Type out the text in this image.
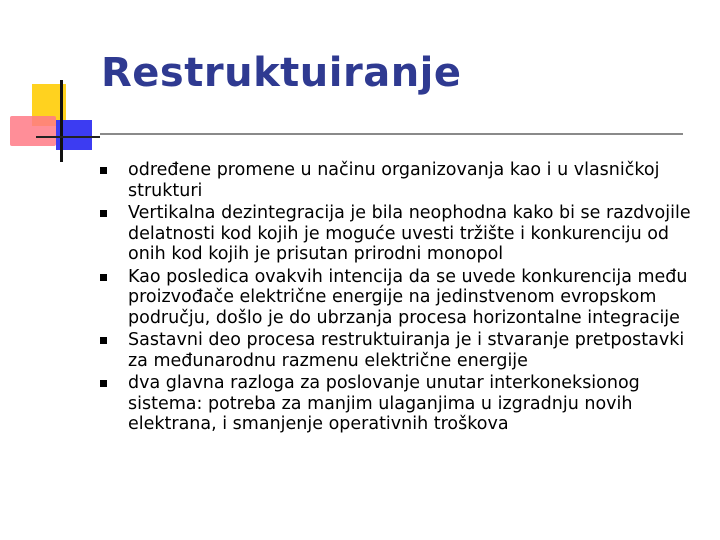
Restruktuiranje
određene promene u načinu organizovanja kao i u vlasničkoj strukturi
Vertikalna dezintegracija je bila neophodna kako bi se razdvojile delatnosti kod kojih je moguće uvesti tržište i konkurenciju od onih kod kojih je prisutan prirodni monopol
Kao posledica ovakvih intencija da se uvede konkurencija među proizvođače električne energije na jedinstvenom evropskom području, došlo je do ubrzanja procesa horizontalne integracije
Sastavni deo procesa restruktuiranja je i stvaranje pretpostavki za međunarodnu razmenu električne energije
dva glavna razloga za poslovanje unutar interkoneksionog sistema: potreba za manjim ulaganjima u izgradnju novih elektrana, i smanjenje operativnih troškova
